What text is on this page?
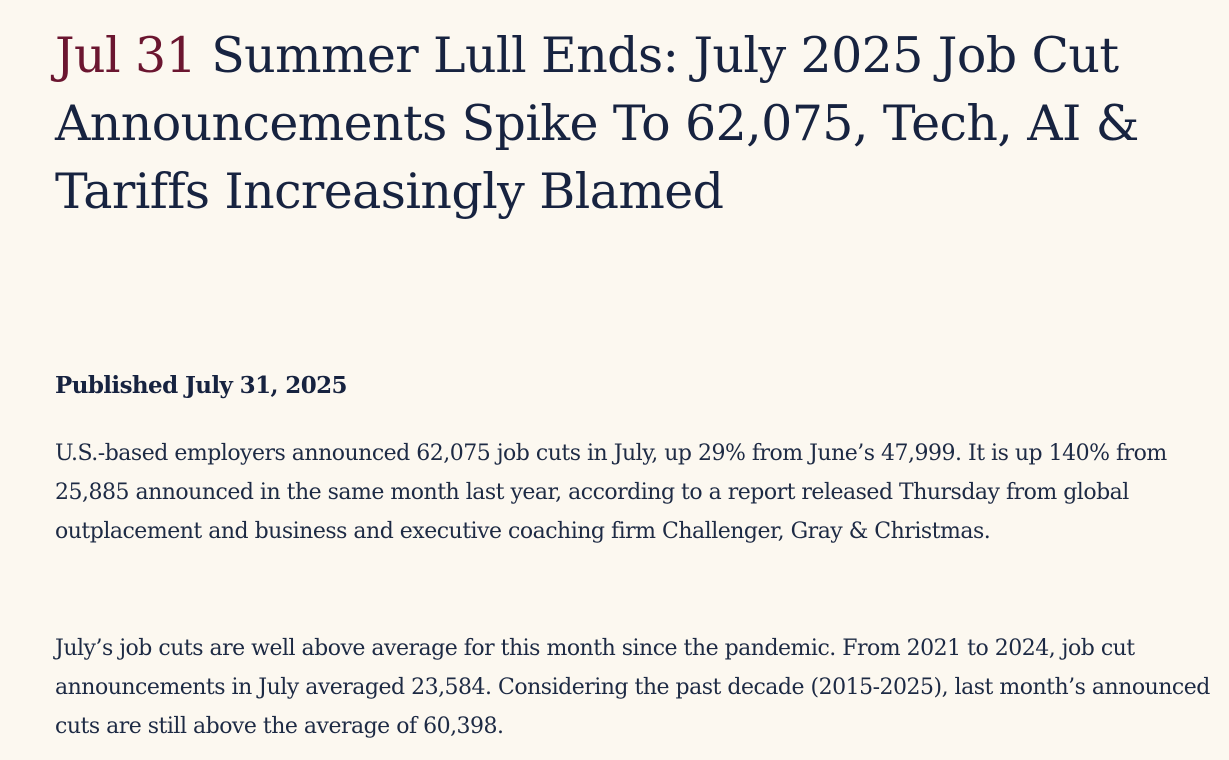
Jul 31 Summer Lull Ends: July 2025 Job Cut Announcements Spike To 62,075, Tech, AI & Tariffs Increasingly Blamed

Published July 31, 2025

U.S.-based employers announced 62,075 job cuts in July, up 29% from June’s 47,999. It is up 140% from 25,885 announced in the same month last year, according to a report released Thursday from global outplacement and business and executive coaching firm Challenger, Gray & Christmas.

July’s job cuts are well above average for this month since the pandemic. From 2021 to 2024, job cut announcements in July averaged 23,584. Considering the past decade (2015-2025), last month’s announced cuts are still above the average of 60,398.
